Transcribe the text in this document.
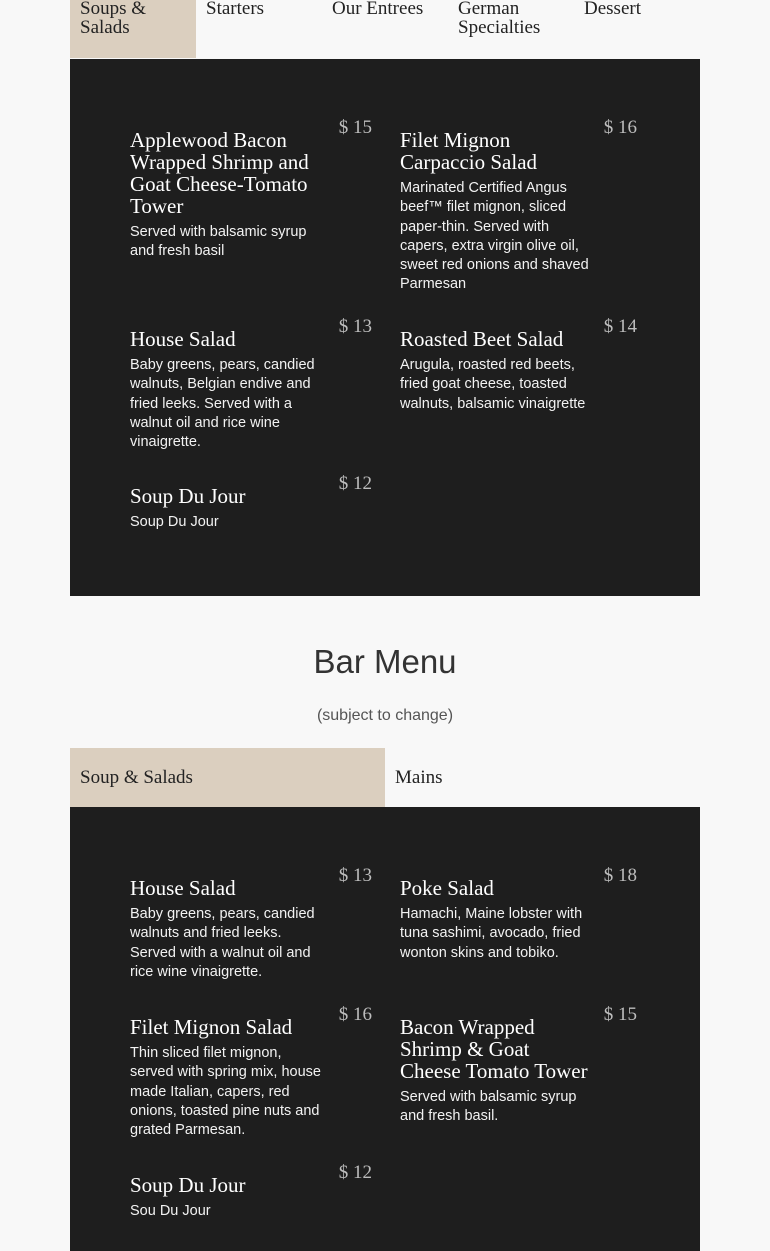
Soups & Salads
Starters	Our Entrees	German Specialties
Dessert
$ 15
Applewood Bacon Wrapped Shrimp and Goat Cheese-Tomato Tower
Served with balsamic syrup and fresh basil
$ 16
Filet Mignon Carpaccio Salad
Marinated Certified Angus beef™ filet mignon, sliced paper-thin. Served with capers, extra virgin olive oil, sweet red onions and shaved Parmesan
$ 13
House Salad
Baby greens, pears, candied walnuts, Belgian endive and fried leeks. Served with a walnut oil and rice wine vinaigrette.
$ 14
Roasted Beet Salad
Arugula, roasted red beets, fried goat cheese, toasted walnuts, balsamic vinaigrette
$ 12
Soup Du Jour
Soup Du Jour
Bar Menu
(subject to change)
Soup & Salads	Mains
$ 13
House Salad
Baby greens, pears, candied walnuts and fried leeks. Served with a walnut oil and rice wine vinaigrette.
$ 18
Poke Salad
Hamachi, Maine lobster with tuna sashimi, avocado, fried wonton skins and tobiko.
$ 16
Filet Mignon Salad
Thin sliced filet mignon, served with spring mix, house made Italian, capers, red onions, toasted pine nuts and grated Parmesan.
$ 15
Bacon Wrapped Shrimp & Goat Cheese Tomato Tower
Served with balsamic syrup and fresh basil.
$ 12
Soup Du Jour
Sou Du Jour
